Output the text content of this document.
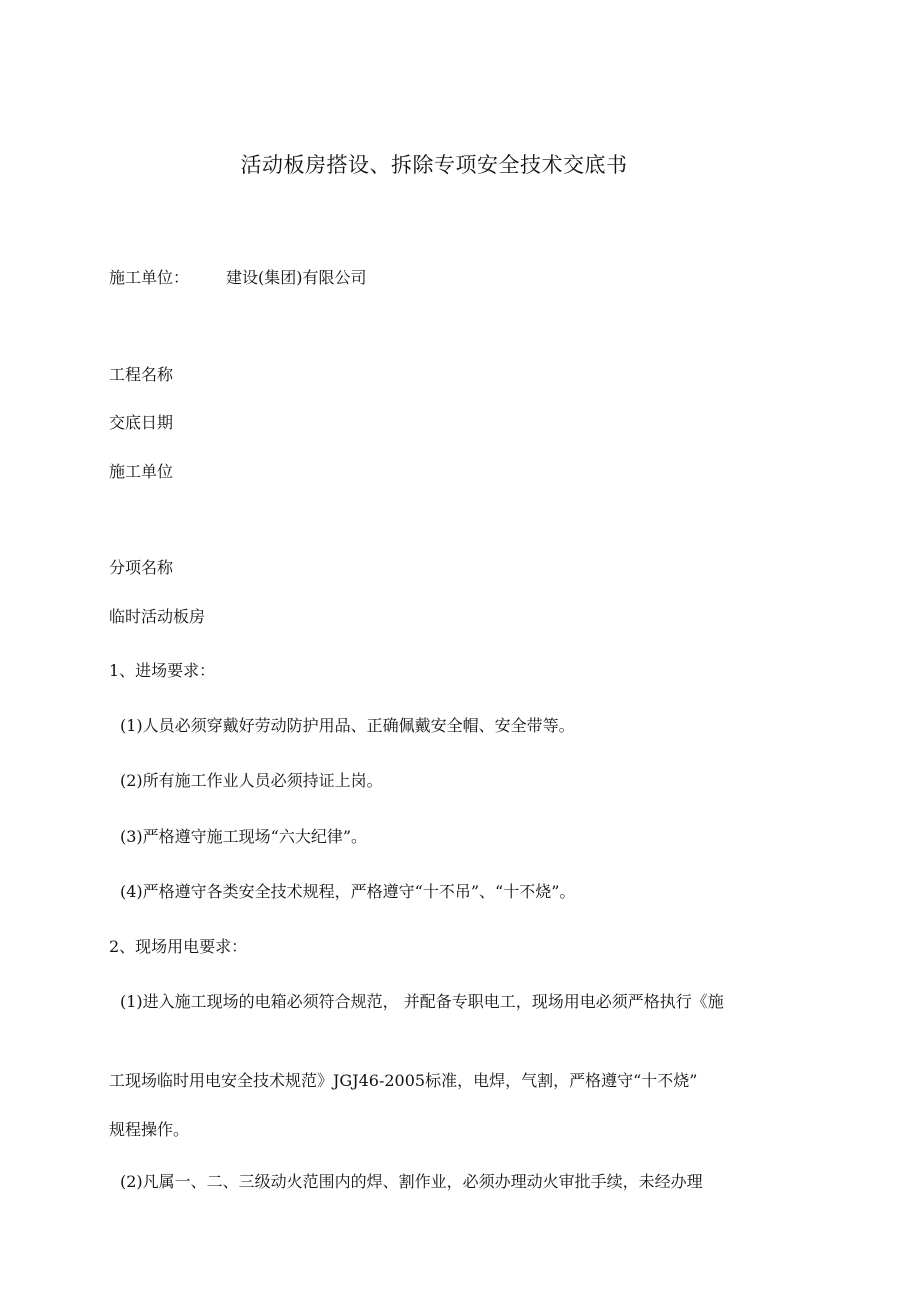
活动板房搭设、拆除专项安全技术交底书
施工单位： 建设(集团)有限公司
工程名称
交底日期
施工单位
分项名称
临时活动板房
1、进场要求：
(1)人员必须穿戴好劳动防护用品、正确佩戴安全帽、安全带等。
(2)所有施工作业人员必须持证上岗。
(3)严格遵守施工现场“六大纪律”。
(4)严格遵守各类安全技术规程，严格遵守“十不吊”、“十不烧”。
2、现场用电要求：
(1)进入施工现场的电箱必须符合规范， 并配备专职电工，现场用电必须严格执行《施
工现场临时用电安全技术规范》JGJ46-2005标准，电焊，气割，严格遵守“十不烧”
规程操作。
(2)凡属一、二、三级动火范围内的焊、割作业，必须办理动火审批手续，未经办理
